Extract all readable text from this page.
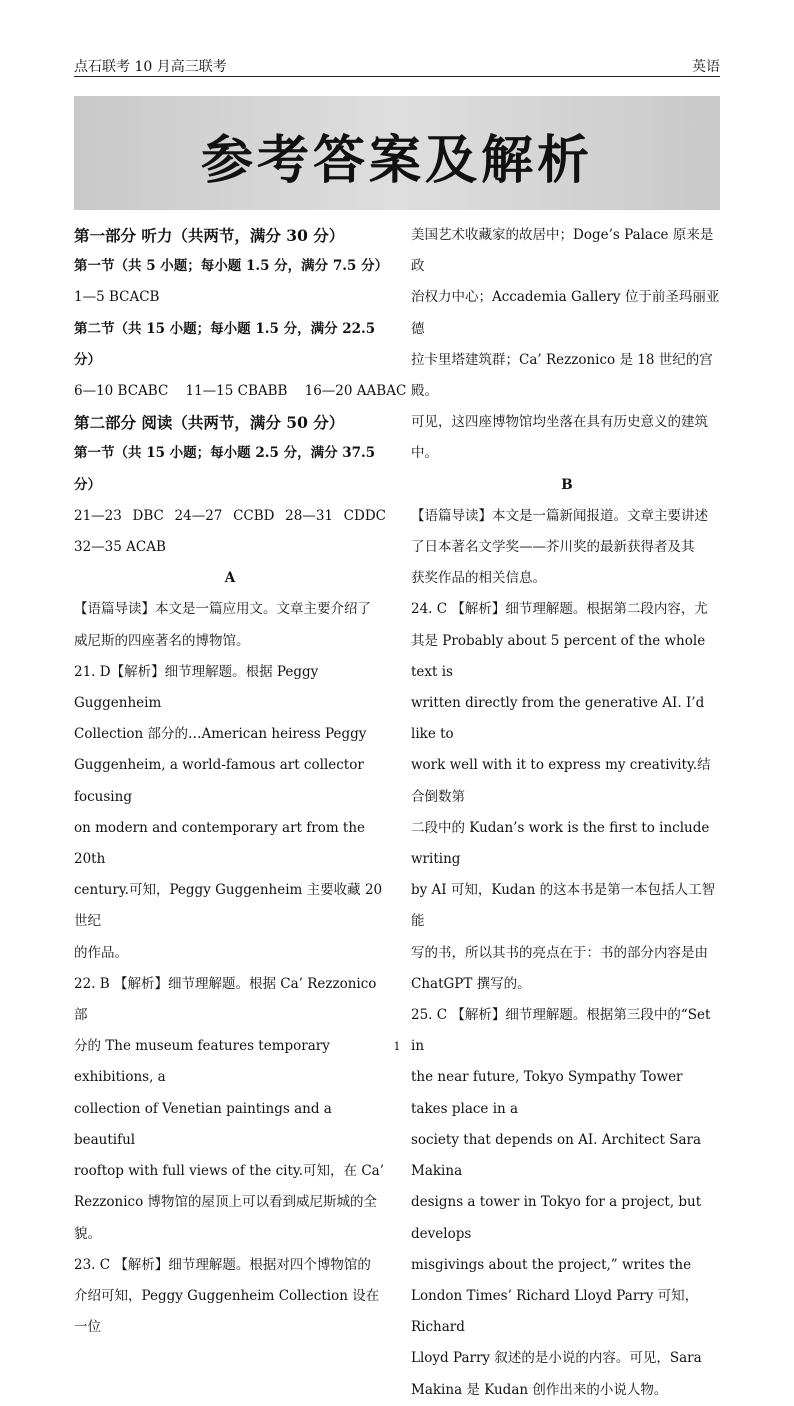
点石联考 10 月高三联考	英语
参考答案及解析

第一部分 听力（共两节，满分 30 分）

第一节（共 5 小题；每小题 1.5 分，满分 7.5 分）

1—5 BCACB

第二节（共 15 小题；每小题 1.5 分，满分 22.5 分）

6—10 BCABC    11—15 CBABB    16—20 AABAC

第二部分 阅读（共两节，满分 50 分）

第一节（共 15 小题；每小题 2.5 分，满分 37.5 分）

21—23 DBC 24—27 CCBD 28—31 CDDC

32—35 ACAB

A

【语篇导读】本文是一篇应用文。文章主要介绍了

威尼斯的四座著名的博物馆。

21. D【解析】细节理解题。根据 Peggy Guggenheim

Collection 部分的…American heiress Peggy

Guggenheim, a world-famous art collector focusing

on modern and contemporary art from the 20th

century.可知，Peggy Guggenheim 主要收藏 20 世纪

的作品。

22. B 【解析】细节理解题。根据 Ca’ Rezzonico 部

分的 The museum features temporary exhibitions, a

collection of Venetian paintings and a beautiful

rooftop with full views of the city.可知，在 Ca’

Rezzonico 博物馆的屋顶上可以看到威尼斯城的全

貌。

23. C 【解析】细节理解题。根据对四个博物馆的

介绍可知，Peggy Guggenheim Collection 设在一位

美国艺术收藏家的故居中；Doge’s Palace 原来是政

治权力中心；Accademia Gallery 位于前圣玛丽亚德

拉卡里塔建筑群；Ca’ Rezzonico 是 18 世纪的宫殿。

可见，这四座博物馆均坐落在具有历史意义的建筑

中。

B

【语篇导读】本文是一篇新闻报道。文章主要讲述

了日本著名文学奖——芥川奖的最新获得者及其

获奖作品的相关信息。

24. C 【解析】细节理解题。根据第二段内容，尤

其是 Probably about 5 percent of the whole text is

written directly from the generative AI. I’d like to

work well with it to express my creativity.结合倒数第

二段中的 Kudan’s work is the first to include writing

by AI 可知，Kudan 的这本书是第一本包括人工智能

写的书，所以其书的亮点在于：书的部分内容是由

ChatGPT 撰写的。

25. C 【解析】细节理解题。根据第三段中的“Set in

the near future, Tokyo Sympathy Tower takes place in a

society that depends on AI. Architect Sara Makina

designs a tower in Tokyo for a project, but develops

misgivings about the project,” writes the

London Times’ Richard Lloyd Parry 可知，Richard

Lloyd Parry 叙述的是小说的内容。可见，Sara

Makina 是 Kudan 创作出来的小说人物。

1
